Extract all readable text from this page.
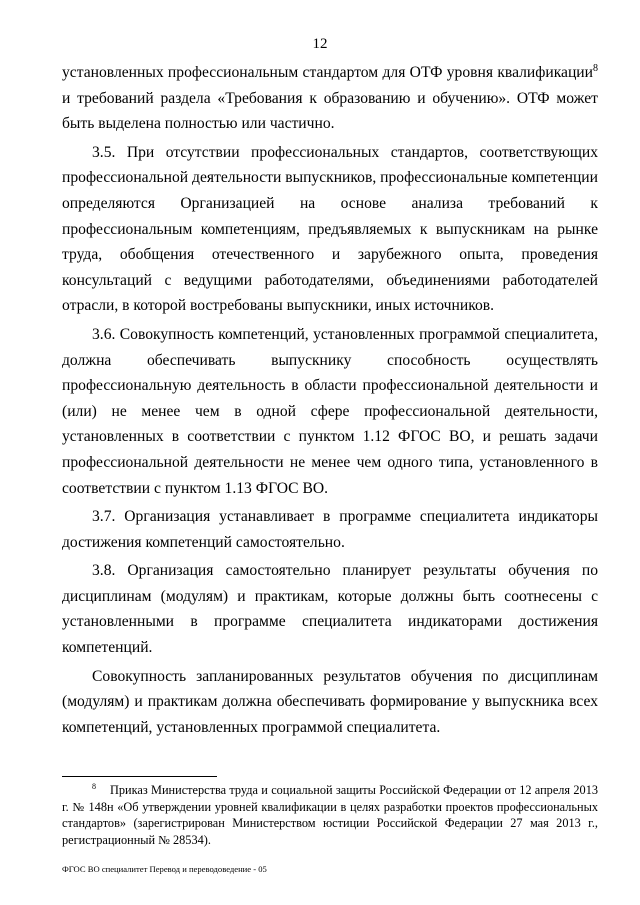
12

установленных профессиональным стандартом для ОТФ уровня квалификации$^8$ и требований раздела «Требования к образованию и обучению». ОТФ может быть выделена полностью или частично.

3.5. При отсутствии профессиональных стандартов, соответствующих профессиональной деятельности выпускников, профессиональные компетенции определяются Организацией на основе анализа требований к профессиональным компетенциям, предъявляемых к выпускникам на рынке труда, обобщения отечественного и зарубежного опыта, проведения консультаций с ведущими работодателями, объединениями работодателей отрасли, в которой востребованы выпускники, иных источников.

3.6. Совокупность компетенций, установленных программой специалитета, должна обеспечивать выпускнику способность осуществлять профессиональную деятельность в области профессиональной деятельности и (или) не менее чем в одной сфере профессиональной деятельности, установленных в соответствии с пунктом 1.12 ФГОС ВО, и решать задачи профессиональной деятельности не менее чем одного типа, установленного в соответствии с пунктом 1.13 ФГОС ВО.

3.7. Организация устанавливает в программе специалитета индикаторы достижения компетенций самостоятельно.

3.8. Организация самостоятельно планирует результаты обучения по дисциплинам (модулям) и практикам, которые должны быть соотнесены с установленными в программе специалитета индикаторами достижения компетенций.

Совокупность запланированных результатов обучения по дисциплинам (модулям) и практикам должна обеспечивать формирование у выпускника всех компетенций, установленных программой специалитета.

$^8$ Приказ Министерства труда и социальной защиты Российской Федерации от 12 апреля 2013 г. № 148н «Об утверждении уровней квалификации в целях разработки проектов профессиональных стандартов» (зарегистрирован Министерством юстиции Российской Федерации 27 мая 2013 г., регистрационный № 28534).

ФГОС ВО специалитет Перевод и переводоведение - 05
